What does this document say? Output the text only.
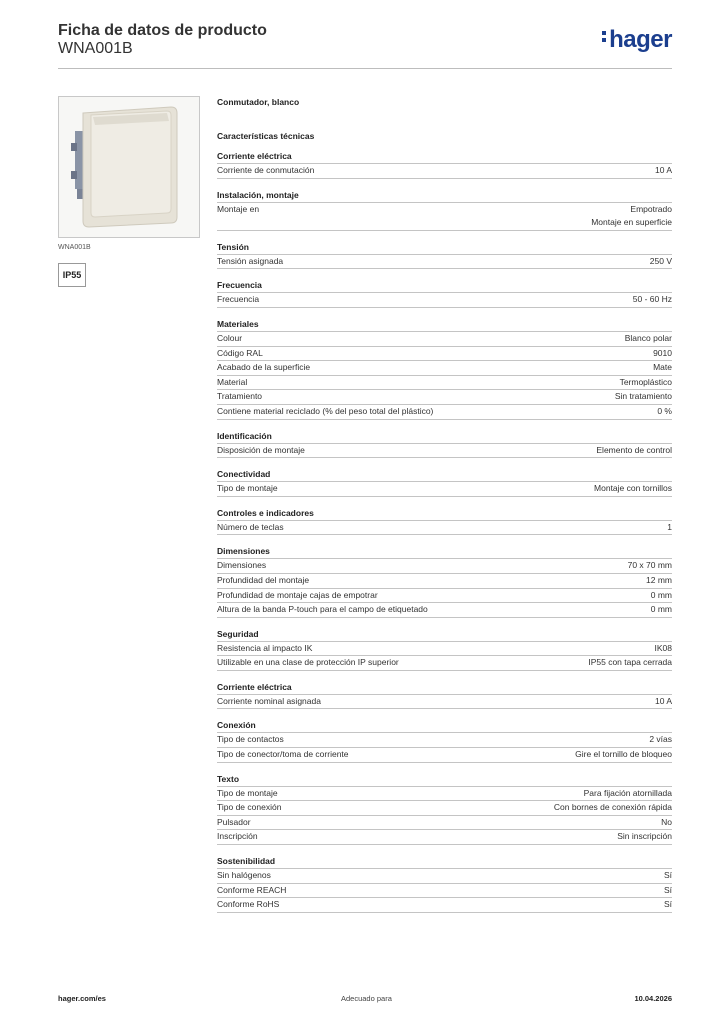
Ficha de datos de producto
WNA001B	hager
WNA001B
IP55
Conmutador, blanco
Características técnicas
Corriente eléctrica
Corriente de conmutación	10 A
Instalación, montaje
Montaje en	Empotrado
Montaje en superficie
Tensión
Tensión asignada	250 V
Frecuencia
Frecuencia	50 - 60 Hz
Materiales
Colour	Blanco polar
Código RAL	9010
Acabado de la superficie	Mate
Material	Termoplástico
Tratamiento	Sin tratamiento
Contiene material reciclado (% del peso total del plástico)	0 %
Identificación
Disposición de montaje	Elemento de control
Conectividad
Tipo de montaje	Montaje con tornillos
Controles e indicadores
Número de teclas	1
Dimensiones
Dimensiones	70 x 70 mm
Profundidad del montaje	12 mm
Profundidad de montaje cajas de empotrar	0 mm
Altura de la banda P-touch para el campo de etiquetado	0 mm
Seguridad
Resistencia al impacto IK	IK08
Utilizable en una clase de protección IP superior	IP55 con tapa cerrada
Corriente eléctrica
Corriente nominal asignada	10 A
Conexión
Tipo de contactos	2 vías
Tipo de conector/toma de corriente	Gire el tornillo de bloqueo
Texto
Tipo de montaje	Para fijación atornillada
Tipo de conexión	Con bornes de conexión rápida
Pulsador	No
Inscripción	Sin inscripción
Sostenibilidad
Sin halógenos	Sí
Conforme REACH	Sí
Conforme RoHS	Sí
hager.com/es	Adecuado para	10.04.2026
